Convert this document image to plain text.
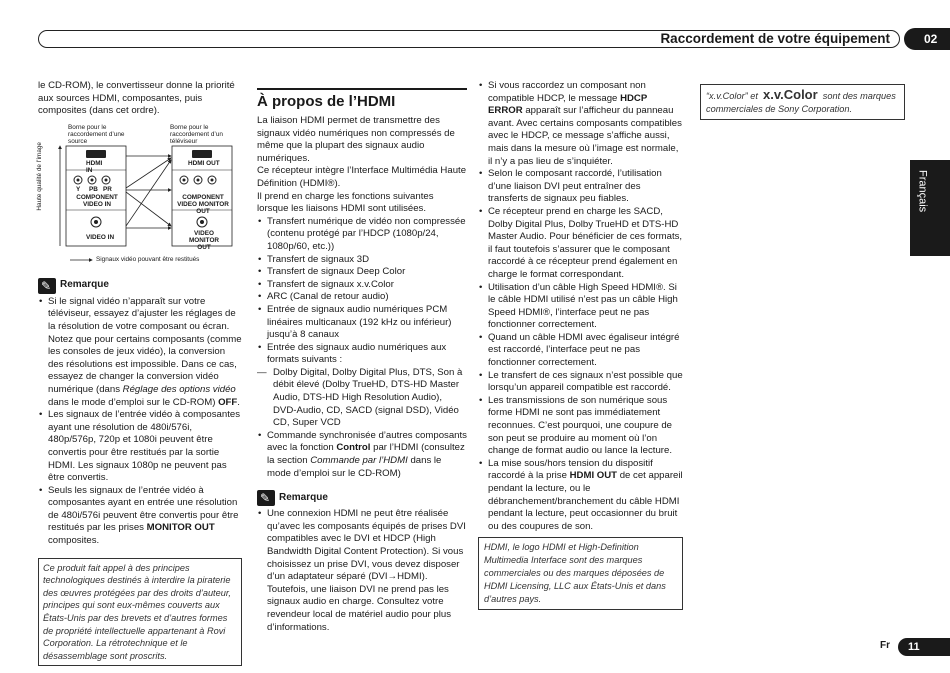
Raccordement de votre équipement	02

le CD-ROM), le convertisseur donne la priorité aux sources HDMI, composantes, puis composites (dans cet ordre).

Borne pour le raccordement d’une source
Borne pour le raccordement d’un téléviseur
Haute qualité de l’image	HDMI IN
HDMI OUT
Y PB PR
COMPONENT VIDEO IN
COMPONENT VIDEO MONITOR OUT
VIDEO IN
VIDEO MONITOR OUT
Signaux vidéo pouvant être restitués
✎
Remarque
• Si le signal vidéo n’apparaît sur votre téléviseur, essayez d’ajuster les réglages de la résolution de votre composant ou écran. Notez que pour certains composants (comme les consoles de jeux vidéo), la conversion des résolutions est impossible. Dans ce cas, essayez de changer la conversion vidéo numérique (dans Réglage des options vidéo dans le mode d’emploi sur le CD-ROM) OFF.
• Les signaux de l’entrée vidéo à composantes ayant une résolution de 480i/576i, 480p/576p, 720p et 1080i peuvent être convertis pour être restitués par la sortie HDMI. Les signaux 1080p ne peuvent pas être convertis.
• Seuls les signaux de l’entrée vidéo à composantes ayant en entrée une résolution de 480i/576i peuvent être convertis pour être restitués par les prises MONITOR OUT composites.
Ce produit fait appel à des principes technologiques destinés à interdire la piraterie des œuvres protégées par des droits d’auteur, principes qui sont eux-mêmes couverts aux États-Unis par des brevets et d’autres formes de propriété intellectuelle appartenant à Rovi Corporation. La rétrotechnique et le désassemblage sont proscrits.
À propos de l’HDMI

La liaison HDMI permet de transmettre des signaux vidéo numériques non compressés de même que la plupart des signaux audio numériques.

Ce récepteur intègre l’Interface Multimédia Haute Définition (HDMI®).

Il prend en charge les fonctions suivantes lorsque les liaisons HDMI sont utilisées.

• Transfert numérique de vidéo non compressée (contenu protégé par l’HDCP (1080p/24, 1080p/60, etc.))
• Transfert de signaux 3D
• Transfert de signaux Deep Color
• Transfert de signaux x.v.Color
• ARC (Canal de retour audio)
• Entrée de signaux audio numériques PCM linéaires multicanaux (192 kHz ou inférieur) jusqu’à 8 canaux
• Entrée des signaux audio numériques aux formats suivants :
— Dolby Digital, Dolby Digital Plus, DTS, Son à débit élevé (Dolby TrueHD, DTS-HD Master Audio, DTS-HD High Resolution Audio), DVD-Audio, CD, SACD (signal DSD), Vidéo CD, Super VCD
• Commande synchronisée d’autres composants avec la fonction Control par l’HDMI (consultez la section Commande par l’HDMI dans le mode d’emploi sur le CD-ROM)
✎
Remarque
• Une connexion HDMI ne peut être réalisée qu’avec les composants équipés de prises DVI compatibles avec le DVI et HDCP (High Bandwidth Digital Content Protection). Si vous choisissez un prise DVI, vous devez disposer d’un adaptateur séparé (DVI→HDMI). Toutefois, une liaison DVI ne prend pas les signaux audio en charge. Consultez votre revendeur local de matériel audio pour plus d’informations.
• Si vous raccordez un composant non compatible HDCP, le message HDCP ERROR apparaît sur l’afficheur du panneau avant. Avec certains composants compatibles avec le HDCP, ce message s’affiche aussi, mais dans la mesure où l’image est normale, il n’y a pas lieu de s’inquiéter.
• Selon le composant raccordé, l’utilisation d’une liaison DVI peut entraîner des transferts de signaux peu fiables.
• Ce récepteur prend en charge les SACD, Dolby Digital Plus, Dolby TrueHD et DTS-HD Master Audio. Pour bénéficier de ces formats, il faut toutefois s’assurer que le composant raccordé à ce récepteur prend également en charge le format correspondant.
• Utilisation d’un câble High Speed HDMI®. Si le câble HDMI utilisé n’est pas un câble High Speed HDMI®, l’interface peut ne pas fonctionner correctement.
• Quand un câble HDMI avec égaliseur intégré est raccordé, l’interface peut ne pas fonctionner correctement.
• Le transfert de ces signaux n’est possible que lorsqu’un appareil compatible est raccordé.
• Les transmissions de son numérique sous forme HDMI ne sont pas immédiatement reconnues. C’est pourquoi, une coupure de son peut se produire au moment où l’on change de format audio ou lance la lecture.
• La mise sous/hors tension du dispositif raccordé à la prise HDMI OUT de cet appareil pendant la lecture, ou le débranchement/branchement du câble HDMI pendant la lecture, peut occasionner du bruit ou des coupures de son.
HDMI, le logo HDMI et High-Definition Multimedia Interface sont des marques commerciales ou des marques déposées de HDMI Licensing, LLC aux États-Unis et dans d’autres pays.
“x.v.Color” et x.v.Color sont des marques commerciales de Sony Corporation.
Français
Fr	11
